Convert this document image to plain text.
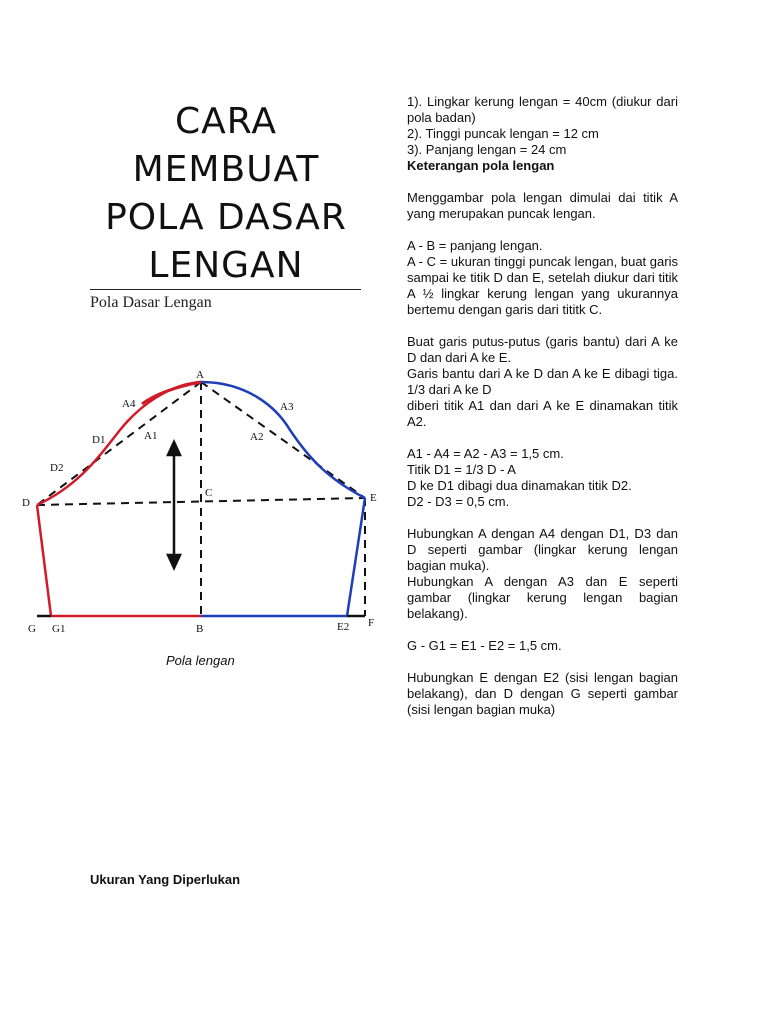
CARA
MEMBUAT
POLA DASAR
LENGAN
Pola Dasar Lengan
A
A4	A3
D1	A1	A2
D2
D
C	E
G G1	B	E2 F
Pola lengan

1). Lingkar kerung lengan = 40cm (diukur dari pola badan)

2). Tinggi puncak lengan = 12 cm

3). Panjang lengan = 24 cm

Keterangan pola lengan

Menggambar pola lengan dimulai dai titik A yang merupakan puncak lengan.

A - B = panjang lengan.

A - C = ukuran tinggi puncak lengan, buat garis sampai ke titik D dan E, setelah diukur dari titik A ½ lingkar kerung lengan yang ukurannya bertemu dengan garis dari tititk C.

Buat garis putus-putus (garis bantu) dari A ke D dan dari A ke E.

Garis bantu dari A ke D dan A ke E dibagi tiga. 1/3 dari A ke D

diberi titik A1 dan dari A ke E dinamakan titik A2.

A1 - A4 = A2 - A3 = 1,5 cm.

Titik D1 = 1/3 D - A

D ke D1 dibagi dua dinamakan titik D2.

D2 - D3 = 0,5 cm.

Hubungkan A dengan A4 dengan D1, D3 dan D seperti gambar (lingkar kerung lengan bagian muka).

Hubungkan A dengan A3 dan E seperti gambar (lingkar kerung lengan bagian belakang).

G - G1 = E1 - E2 = 1,5 cm.

Hubungkan E dengan E2 (sisi lengan bagian belakang), dan D dengan G seperti gambar (sisi lengan bagian muka)

Ukuran Yang Diperlukan
